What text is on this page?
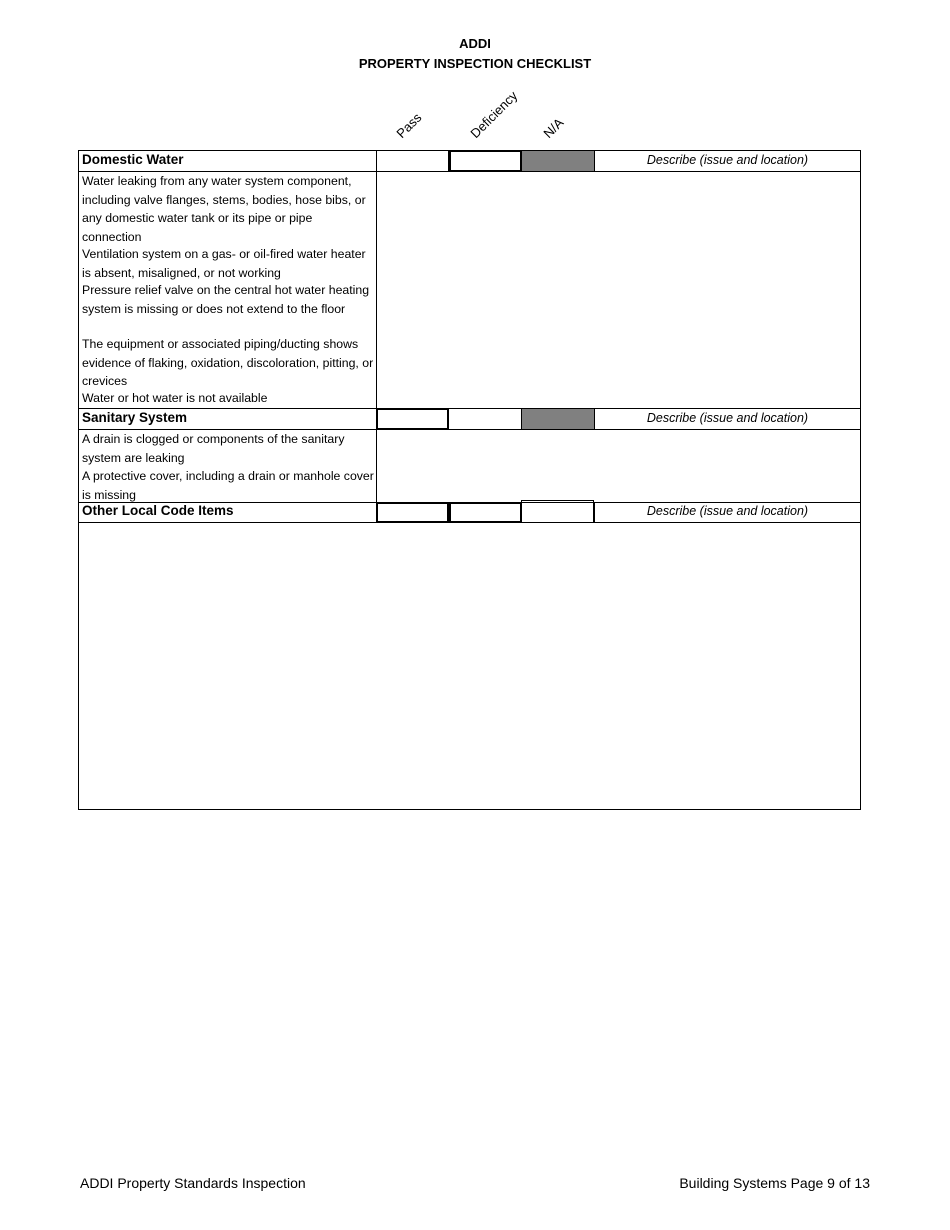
ADDI
PROPERTY INSPECTION CHECKLIST
Pass	Deficiency N/A
Domestic Water	Describe (issue and location)
Water leaking from any water system component, including valve flanges, stems, bodies, hose bibs, or any domestic water tank or its pipe or pipe connection
Ventilation system on a gas- or oil-fired water heater is absent, misaligned, or not working
Pressure relief valve on the central hot water heating system is missing or does not extend to the floor
The equipment or associated piping/ducting shows evidence of flaking, oxidation, discoloration, pitting, or crevices
Water or hot water is not available
Sanitary System	Describe (issue and location)
A drain is clogged or components of the sanitary system are leaking
A protective cover, including a drain or manhole cover is missing
Other Local Code Items	Describe (issue and location)
ADDI Property Standards Inspection	Building Systems Page 9 of 13
